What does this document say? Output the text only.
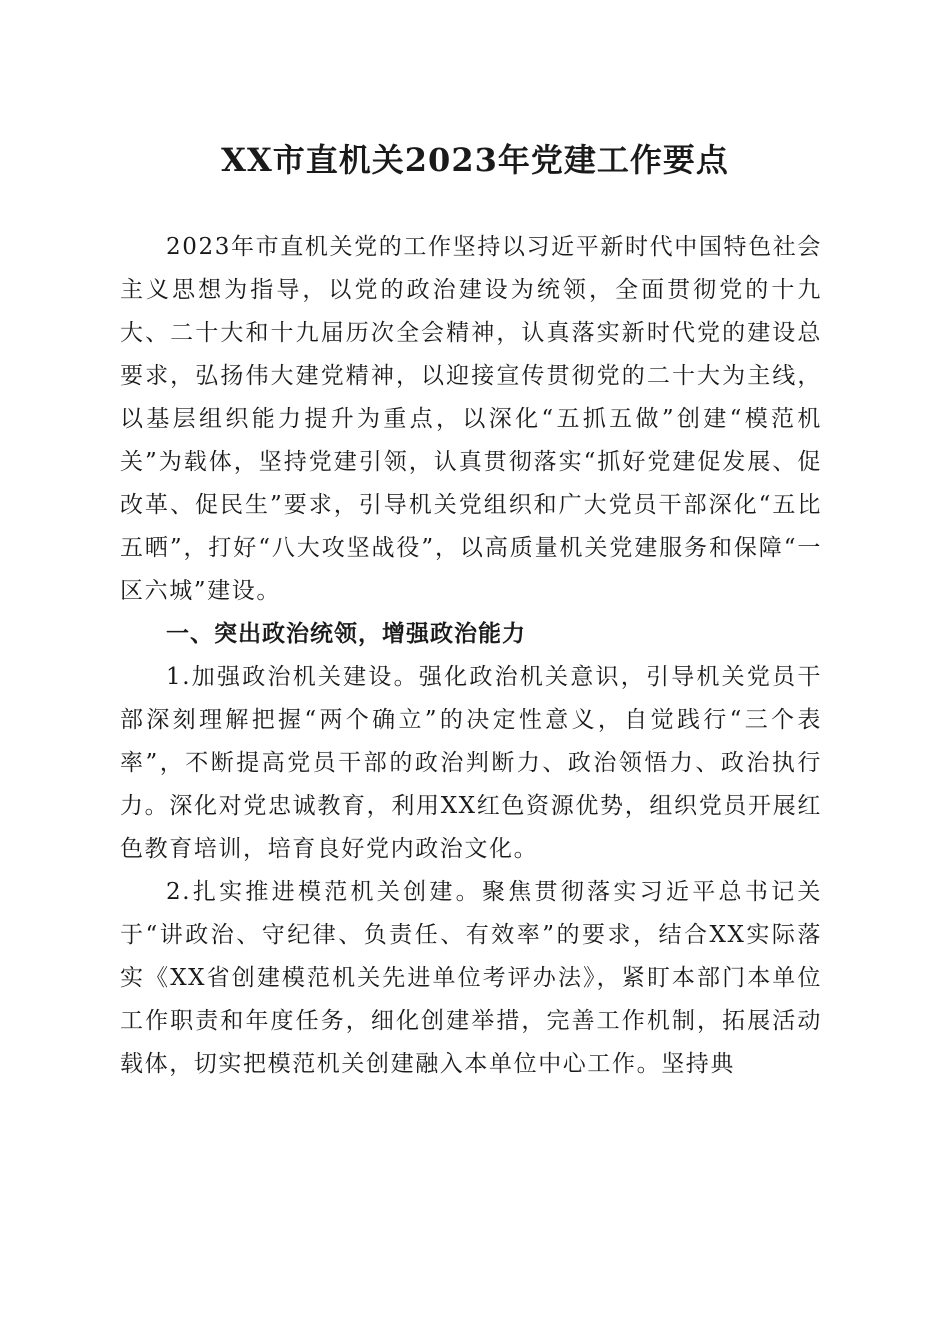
XX市直机关2023年党建工作要点

2023年市直机关党的工作坚持以习近平新时代中国特色社会主义思想为指导，以党的政治建设为统领，全面贯彻党的十九大、二十大和十九届历次全会精神，认真落实新时代党的建设总要求，弘扬伟大建党精神，以迎接宣传贯彻党的二十大为主线，以基层组织能力提升为重点，以深化“五抓五做”创建“模范机关”为载体，坚持党建引领，认真贯彻落实“抓好党建促发展、促改革、促民生”要求，引导机关党组织和广大党员干部深化“五比五晒”，打好“八大攻坚战役”，以高质量机关党建服务和保障“一区六城”建设。

一、突出政治统领，增强政治能力

1.加强政治机关建设。强化政治机关意识，引导机关党员干部深刻理解把握“两个确立”的决定性意义，自觉践行“三个表率”，不断提高党员干部的政治判断力、政治领悟力、政治执行力。深化对党忠诚教育，利用XX红色资源优势，组织党员开展红色教育培训，培育良好党内政治文化。

2.扎实推进模范机关创建。聚焦贯彻落实习近平总书记关于“讲政治、守纪律、负责任、有效率”的要求，结合XX实际落实《XX省创建模范机关先进单位考评办法》，紧盯本部门本单位工作职责和年度任务，细化创建举措，完善工作机制，拓展活动载体，切实把模范机关创建融入本单位中心工作。坚持典
